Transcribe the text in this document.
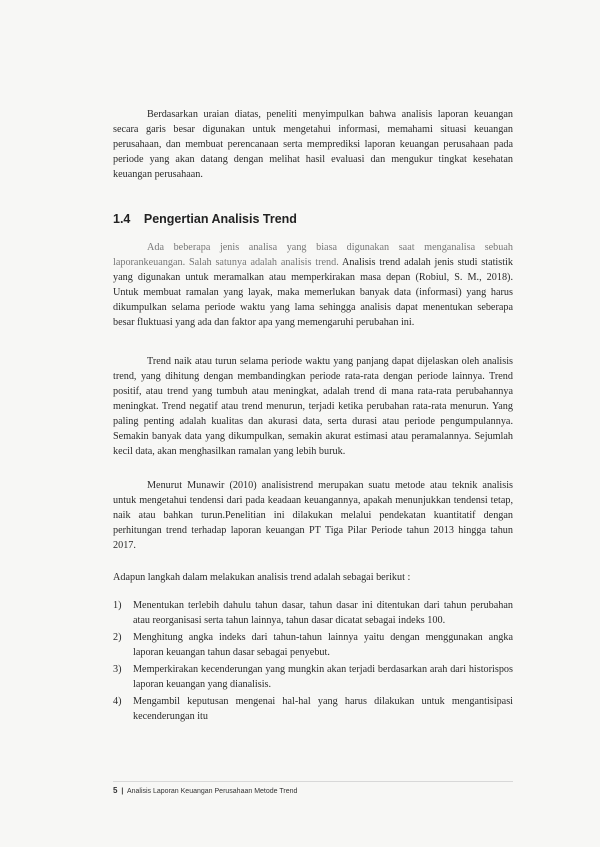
Berdasarkan uraian diatas, peneliti menyimpulkan bahwa analisis laporan keuangan secara garis besar digunakan untuk mengetahui informasi, memahami situasi keuangan perusahaan, dan membuat perencanaan serta memprediksi laporan keuangan perusahaan pada periode yang akan datang dengan melihat hasil evaluasi dan mengukur tingkat kesehatan keuangan perusahaan.

1.4 Pengertian Analisis Trend

Ada beberapa jenis analisa yang biasa digunakan saat menganalisa sebuah laporankeuangan. Salah satunya adalah analisis trend. Analisis trend adalah jenis studi statistik yang digunakan untuk meramalkan atau memperkirakan masa depan (Robiul, S. M., 2018). Untuk membuat ramalan yang layak, maka memerlukan banyak data (informasi) yang harus dikumpulkan selama periode waktu yang lama sehingga analisis dapat menentukan seberapa besar fluktuasi yang ada dan faktor apa yang memengaruhi perubahan ini.

Trend naik atau turun selama periode waktu yang panjang dapat dijelaskan oleh analisis trend, yang dihitung dengan membandingkan periode rata-rata dengan periode lainnya. Trend positif, atau trend yang tumbuh atau meningkat, adalah trend di mana rata-rata perubahannya meningkat. Trend negatif atau trend menurun, terjadi ketika perubahan rata-rata menurun. Yang paling penting adalah kualitas dan akurasi data, serta durasi atau periode pengumpulannya. Semakin banyak data yang dikumpulkan, semakin akurat estimasi atau peramalannya. Sejumlah kecil data, akan menghasilkan ramalan yang lebih buruk.

Menurut Munawir (2010) analisistrend merupakan suatu metode atau teknik analisis untuk mengetahui tendensi dari pada keadaan keuangannya, apakah menunjukkan tendensi tetap, naik atau bahkan turun.Penelitian ini dilakukan melalui pendekatan kuantitatif dengan perhitungan trend terhadap laporan keuangan PT Tiga Pilar Periode tahun 2013 hingga tahun 2017.

Adapun langkah dalam melakukan analisis trend adalah sebagai berikut :

1) Menentukan terlebih dahulu tahun dasar, tahun dasar ini ditentukan dari tahun perubahan atau reorganisasi serta tahun lainnya, tahun dasar dicatat sebagai indeks 100.
2) Menghitung angka indeks dari tahun-tahun lainnya yaitu dengan menggunakan angka laporan keuangan tahun dasar sebagai penyebut.
3) Memperkirakan kecenderungan yang mungkin akan terjadi berdasarkan arah dari historispos laporan keuangan yang dianalisis.
4) Mengambil keputusan mengenai hal-hal yang harus dilakukan untuk mengantisipasi kecenderungan itu
5 | Analisis Laporan Keuangan Perusahaan Metode Trend
